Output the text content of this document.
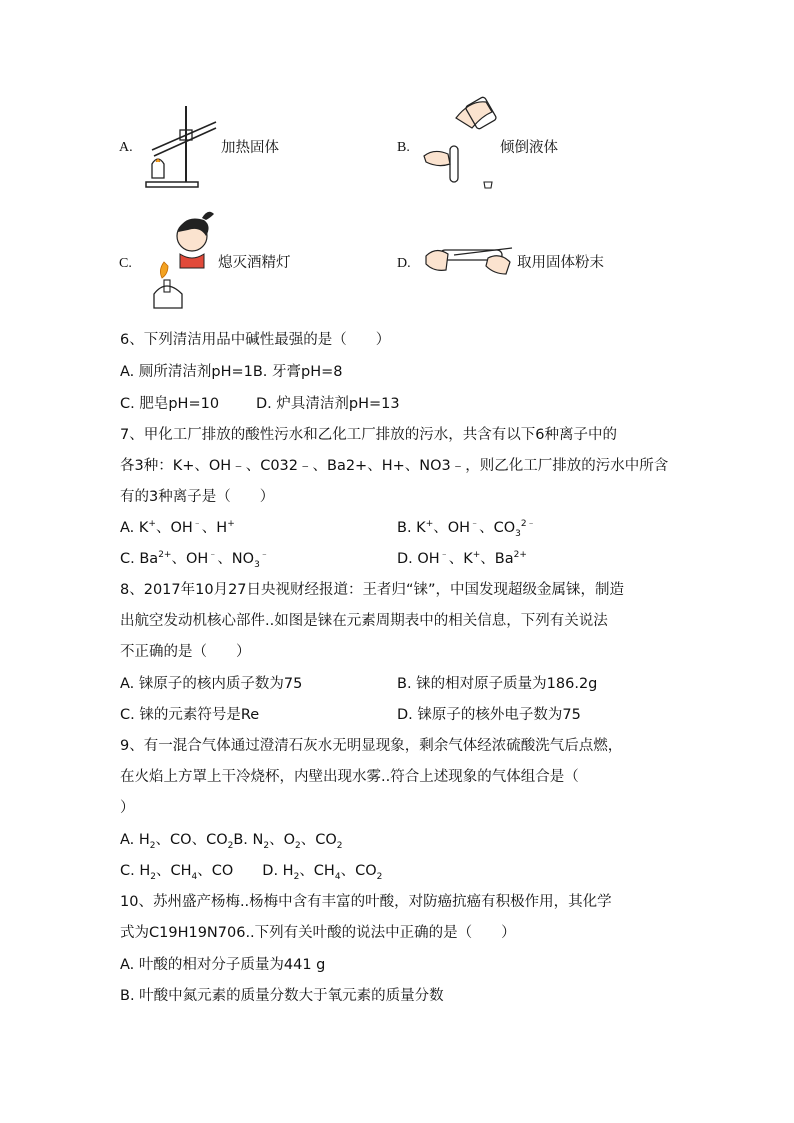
A.	加热固体	B.	倾倒液体
C.	熄灭酒精灯	D.	取用固体粉末
6、下列清洁用品中碱性最强的是（　　）
A. 厕所清洁剂pH=1B. 牙膏pH=8
C. 肥皂pH=10	D. 炉具清洁剂pH=13
7、甲化工厂排放的酸性污水和乙化工厂排放的污水，共含有以下6种离子中的
各3种：K+、OH﹣、C032﹣、Ba2+、H+、NO3﹣，则乙化工厂排放的污水中所含
有的3种离子是（　　）
A. K+、OH﹣、H+	B. K+、OH﹣、$CO_3^{2﹣}$
C. $Ba^{2+}$、OH﹣、$NO_3^﹣$	D. OH﹣、K+、$Ba^{2+}$
8、2017年10月27日央视财经报道：王者归“铼”，中国发现超级金属铼，制造
出航空发动机核心部件..如图是铼在元素周期表中的相关信息，下列有关说法
不正确的是（　　）
A. 铼原子的核内质子数为75	B. 铼的相对原子质量为186.2g
C. 铼的元素符号是Re	D. 铼原子的核外电子数为75
9、有一混合气体通过澄清石灰水无明显现象，剩余气体经浓硫酸洗气后点燃，
在火焰上方罩上干冷烧杯，内壁出现水雾..符合上述现象的气体组合是（
）
A. $H_2$、CO、$CO_2B$. $N_2$、$O_2$、$CO_2$
C. $H_2$、$CH_4$、CO　　D. $H_2$、$CH_4$、$CO_2$
10、苏州盛产杨梅..杨梅中含有丰富的叶酸，对防癌抗癌有积极作用，其化学
式为C19H19N706..下列有关叶酸的说法中正确的是（　　）
A. 叶酸的相对分子质量为441 g
B. 叶酸中氮元素的质量分数大于氧元素的质量分数
